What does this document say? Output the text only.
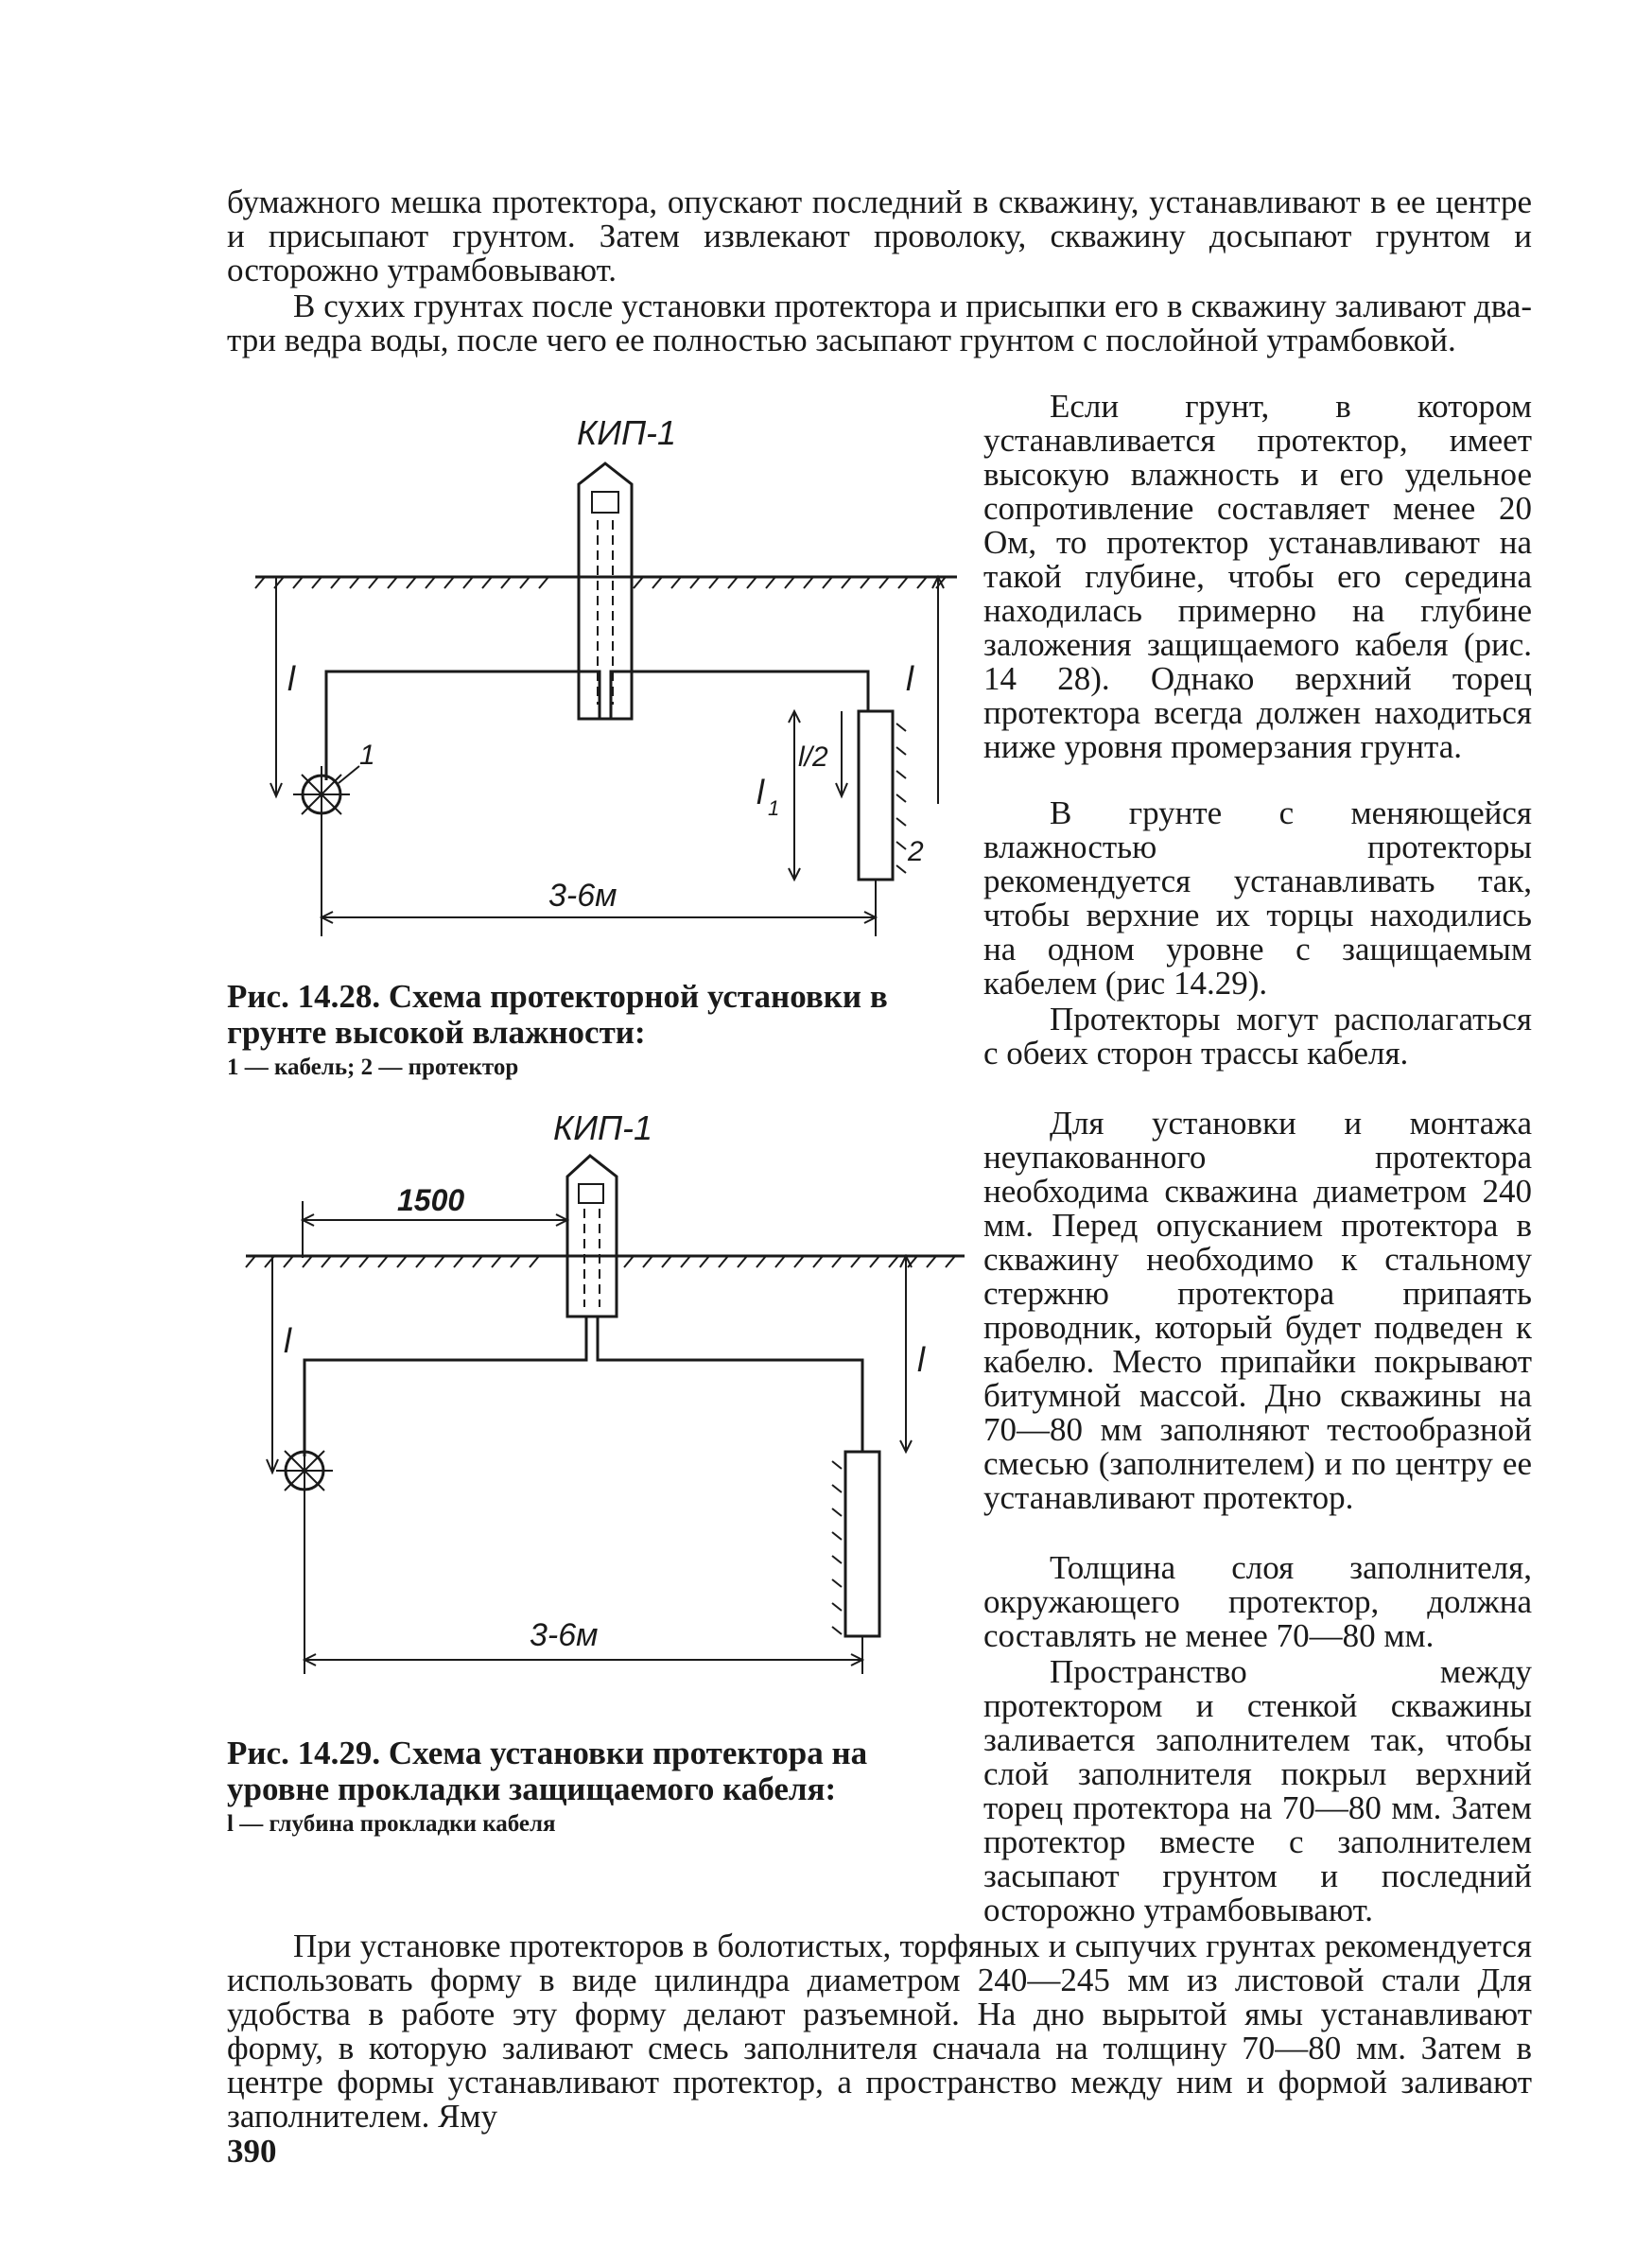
бумажного мешка протектора, опускают последний в скважину, устанавливают в ее центре и присыпают грунтом. Затем извлекают проволоку, скважину досыпают грунтом и осторожно утрамбовывают.

В сухих грунтах после установки протектора и присыпки его в скважину заливают два-три ведра воды, после чего ее полностью засыпают грунтом с послойной утрамбовкой.

Если грунт, в котором устанавливается протектор, имеет высокую влажность и его удельное сопротивление составляет менее 20 Ом, то протектор устанавливают на такой глубине, чтобы его середина находилась примерно на глубине заложения защищаемого кабеля (рис. 14 28). Однако верхний торец протектора всегда должен находиться ниже уровня промерзания грунта.

В грунте с меняющейся влажностью протекторы рекомендуется устанавливать так, чтобы верхние их торцы находились на одном уровне с защищаемым кабелем (рис 14.29).

Протекторы могут располагаться с обеих сторон трассы кабеля.

Для установки и монтажа неупакованного протектора необходима скважина диаметром 240 мм. Перед опусканием протектора в скважину необходимо к стальному стержню протектора припаять проводник, который будет подведен к кабелю. Место припайки покрывают битумной массой. Дно скважины на 70—80 мм заполняют тестообразной смесью (заполнителем) и по центру ее устанавливают протектор.

Толщина слоя заполнителя, окружающего протектор, должна составлять не менее 70—80 мм.

Пространство между протектором и стенкой скважины заливается заполнителем так, чтобы слой заполнителя покрыл верхний торец протектора на 70—80 мм. Затем протектор вместе с заполнителем засыпают грунтом и последний осторожно утрамбовывают.

При установке протекторов в болотистых, торфяных и сыпучих грунтах рекомендуется использовать форму в виде цилиндра диаметром 240—245 мм из листовой стали Для удобства в работе эту форму делают разъемной. На дно вырытой ямы устанавливают форму, в которую заливают смесь заполнителя сначала на толщину 70—80 мм. Затем в центре формы устанавливают протектор, а пространство между ним и формой заливают заполнителем. Яму

КИП-1
l	l
1
2
l/2
l 1
3-6м

Рис. 14.28. Схема протекторной установки в грунте высокой влажности:

1 — кабель; 2 — протектор

КИП-1
1500
l	l
3-6м

Рис. 14.29. Схема установки протектора на уровне прокладки защищаемого кабеля:

l — глубина прокладки кабеля

390
